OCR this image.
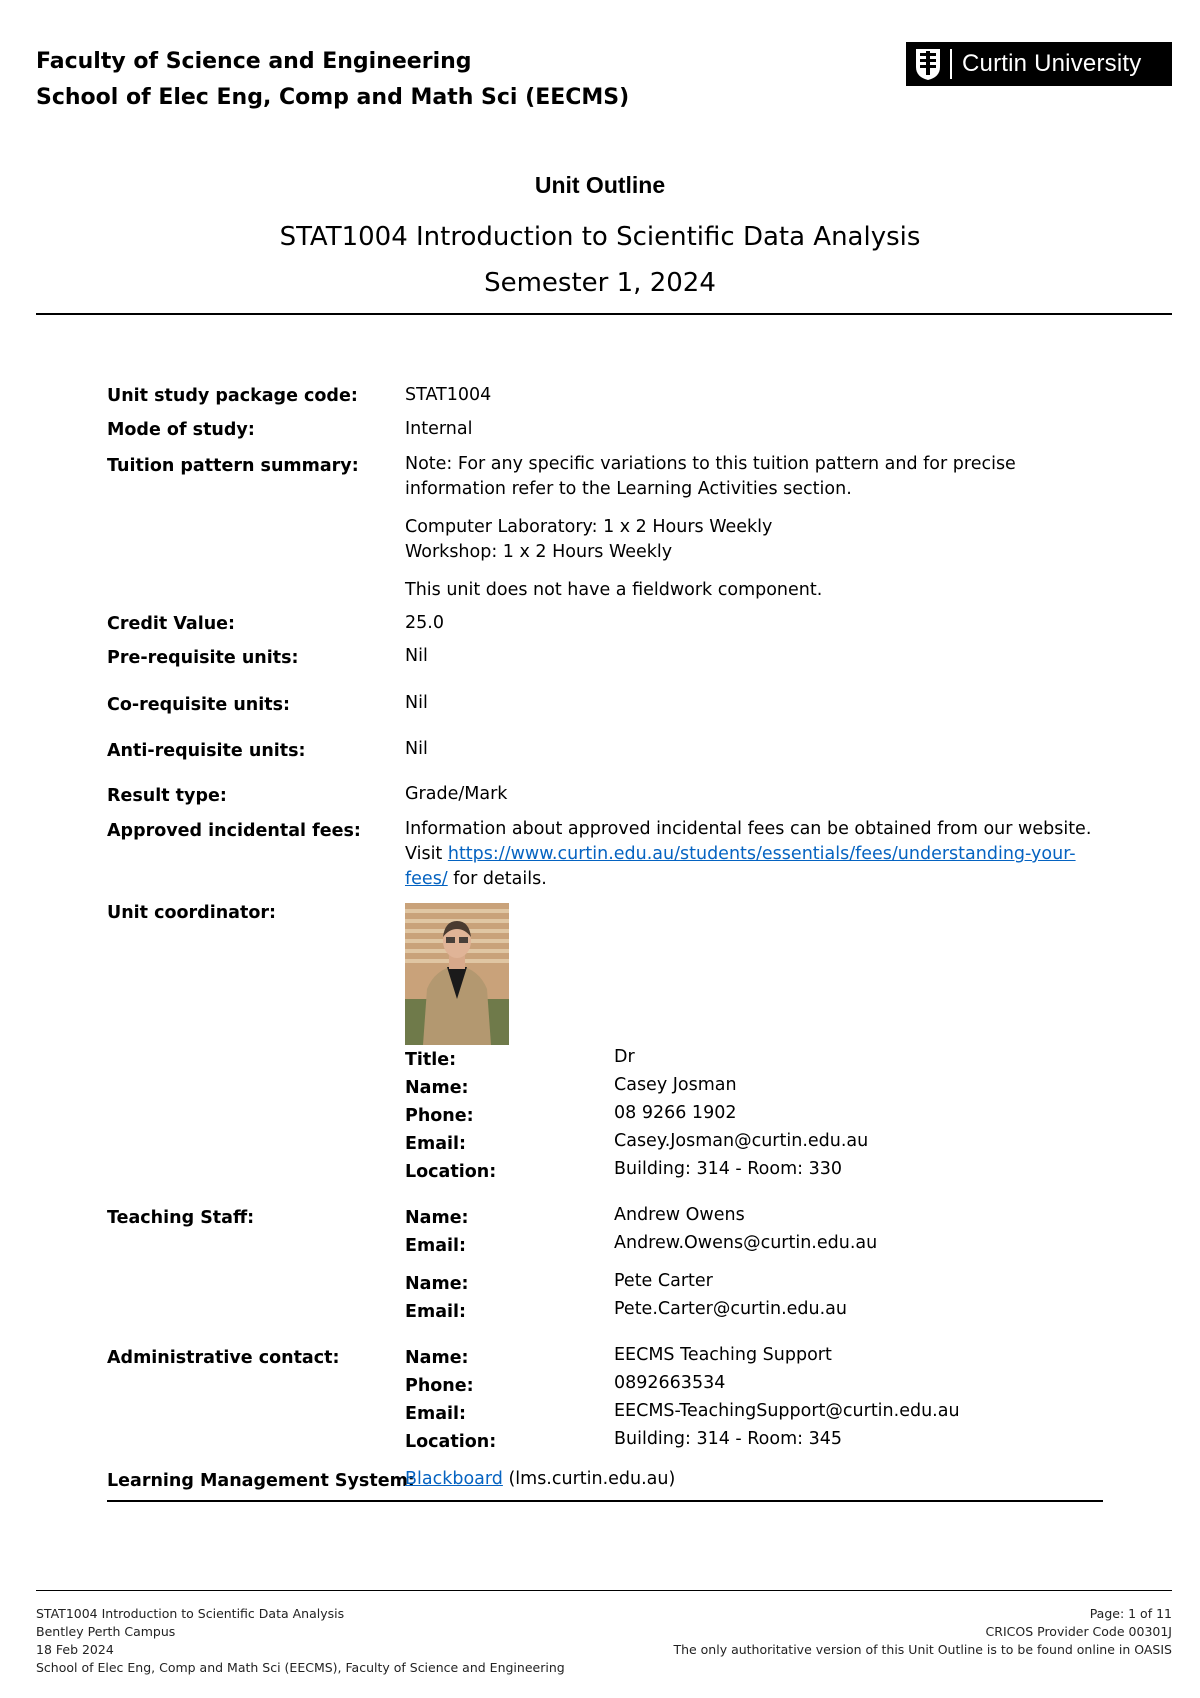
Faculty of Science and Engineering
School of Elec Eng, Comp and Math Sci (EECMS)
Curtin University
Unit Outline
STAT1004 Introduction to Scientific Data Analysis
Semester 1, 2024
Unit study package code:	STAT1004
Mode of study:	Internal
Tuition pattern summary:	Note: For any specific variations to this tuition pattern and for precise
information refer to the Learning Activities section.
Computer Laboratory: 1 x 2 Hours Weekly
Workshop: 1 x 2 Hours Weekly
This unit does not have a fieldwork component.
Credit Value:	25.0
Pre-requisite units:	Nil
Co-requisite units:	Nil
Anti-requisite units:	Nil
Result type:	Grade/Mark
Approved incidental fees:	Information about approved incidental fees can be obtained from our website.
Visit https://www.curtin.edu.au/students/essentials/fees/understanding-your-
fees/ for details.
Unit coordinator:
Title:	Dr
Name:	Casey Josman
Phone:	08 9266 1902
Email:	Casey.Josman@curtin.edu.au
Location:	Building: 314 - Room: 330
Teaching Staff:	Name:	Andrew Owens
Email:	Andrew.Owens@curtin.edu.au
Name:	Pete Carter
Email:	Pete.Carter@curtin.edu.au
Administrative contact:	Name:	EECMS Teaching Support
Phone:	0892663534
Email:	EECMS-TeachingSupport@curtin.edu.au
Location:	Building: 314 - Room: 345
Learning Management System:
Blackboard (lms.curtin.edu.au)
STAT1004 Introduction to Scientific Data Analysis
Bentley Perth Campus
18 Feb 2024
School of Elec Eng, Comp and Math Sci (EECMS), Faculty of Science and Engineering
Page: 1 of 11
CRICOS Provider Code 00301J
The only authoritative version of this Unit Outline is to be found online in OASIS
